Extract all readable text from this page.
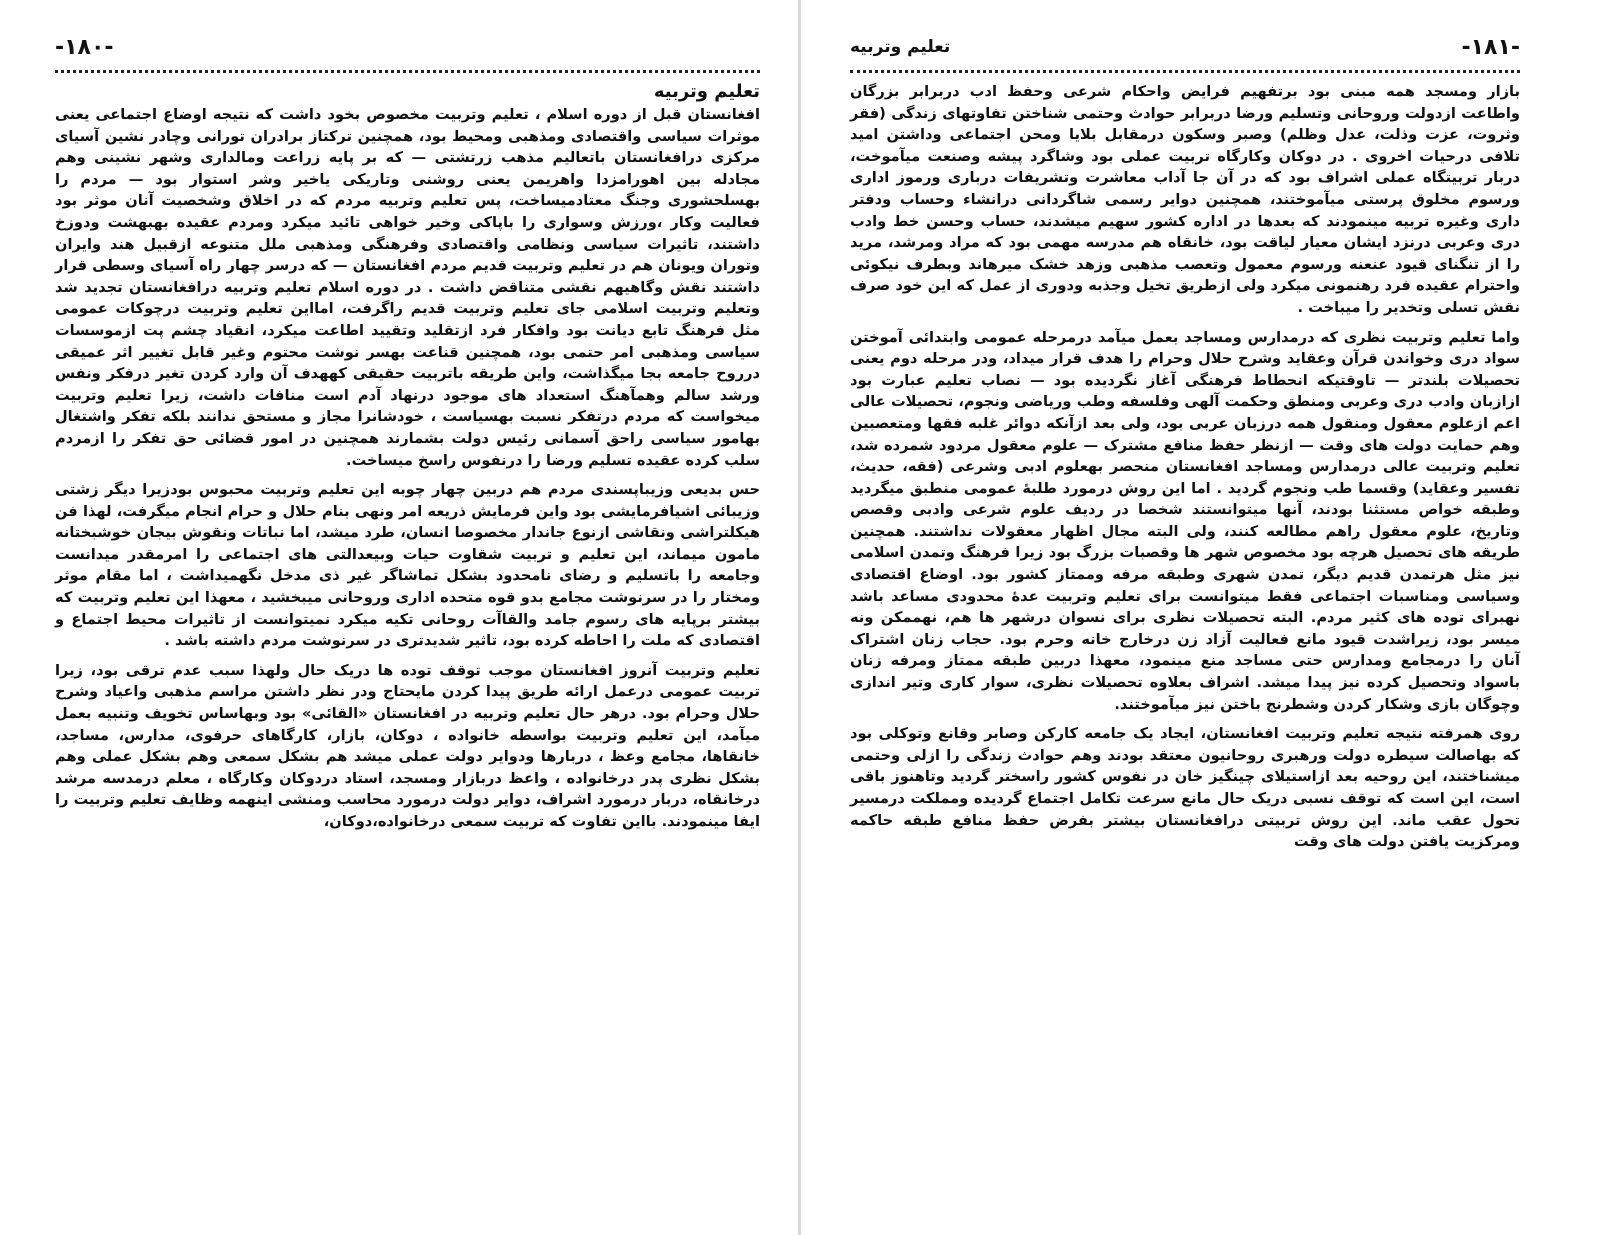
-۱۸۰-
تعلیم وتربیه

افغانستان قبل از دوره اسلام ، تعلیم وتربیت مخصوص بخود داشت که نتیجه اوضاع اجتماعی یعنی موثرات سیاسی واقتصادی ومذهبی ومحیط بود، همچنین ترکتاز برادران تورانی وچادر نشین آسیای مرکزی درافغانستان باتعالیم مذهب زرتشتی — که بر پایه زراعت ومالداری وشهر نشینی وهم مجادله بین اهورامزدا واهریمن یعنی روشنی وتاریکی یاخیر وشر استوار بود — مردم را بهسلحشوری وجنگ معتادمیساخت، پس تعلیم وتربیه مردم که در اخلاق وشخصیت آنان موثر بود فعالیت وکار ،ورزش وسواری را باپاکی وخیر خواهی تائید میکرد ومردم عقیده بهبهشت ودوزخ داشتند، تاثیرات سیاسی ونظامی واقتصادی وفرهنگی ومذهبی ملل متنوعه ازقبیل هند وایران وتوران ویونان هم در تعلیم وتربیت قدیم مردم افغانستان — که درسر چهار راه آسیای وسطی قرار داشتند نقش وگاهیهم نقشی متناقض داشت . در دوره اسلام تعلیم وتربیه درافغانستان تجدید شد وتعلیم وتربیت اسلامی جای تعلیم وتربیت قدیم راگرفت، امااین تعلیم وتربیت درچوکات عمومی مثل فرهنگ تابع دیانت بود وافکار فرد ازتقلید وتقیید اطاعت میکرد، انقیاد چشم پت ازموسسات سیاسی ومذهبی امر حتمی بود، همچنین قناعت بهسر نوشت محتوم وغیر قابل تغییر اثر عمیقی درروح جامعه بجا میگذاشت، واین طریقه باتربیت حقیقی کههدف آن وارد کردن تغیر درفکر ونفس ورشد سالم وهمآهنگ استعداد های موجود درنهاد آدم است منافات داشت، زیرا تعلیم وتربیت میخواست که مردم درتفکر نسبت بهسیاست ، خودشانرا مجاز و مستحق ندانند بلکه تفکر واشتغال بهامور سیاسی راحق آسمانی رئیس دولت بشمارند همچنین در امور قضائی حق تفکر را ازمردم سلب کرده عقیده تسلیم ورضا را درنفوس راسخ میساخت.

حس بدیعی وزیباپسندی مردم هم دربین چهار چوبه این تعلیم وتربیت محبوس بودزیرا دیگر زشتی وزیبائی اشیافرمایشی بود واین فرمایش ذریعه امر ونهی بنام حلال و حرام انجام میگرفت، لهذا فن هیکلتراشی ونقاشی ازنوع جاندار مخصوصا انسان، طرد میشد، اما نباتات ونقوش بیجان خوشبختانه مامون میماند، این تعلیم و تربیت شقاوت حیات وبیعدالتی های اجتماعی را امرمقدر میدانست وجامعه را باتسلیم و رضای نامحدود بشکل تماشاگر غیر ذی مدخل نگهمیداشت ، اما مقام موثر ومختار را در سرنوشت مجامع بدو قوه متحده اداری وروحانی میبخشید ، معهذا این تعلیم وتربیت که بیشتر برپایه های رسوم جامد والقاآت روحانی تکیه میکرد نمیتوانست از تاثیرات محیط اجتماع و اقتصادی که ملت را احاطه کرده بود، تاثیر شدیدتری در سرنوشت مردم داشته باشد .

تعلیم وتربیت آنروز افغانستان موجب توقف توده ها دریک حال ولهذا سبب عدم ترقی بود، زیرا تربیت عمومی درعمل ارائه طریق پیدا کردن مایحتاج ودر نظر داشتن مراسم مذهبی واعیاد وشرح حلال وحرام بود. درهر حال تعلیم وتربیه در افغانستان «القائی» بود وبهاساس تخویف وتنبیه بعمل میآمد، این تعلیم وتربیت بواسطه خانواده ، دوکان، بازار، کارگاهای حرفوی، مدارس، مساجد، خانقاها، مجامع وعظ ، دربارها ودوایر دولت عملی میشد هم بشکل سمعی وهم بشکل عملی وهم بشکل نظری پدر درخانواده ، واعظ دربازار ومسجد، استاد دردوکان وکارگاه ، معلم درمدسه مرشد درخانقاه، دربار درمورد اشراف، دوایر دولت درمورد محاسب ومنشی اینهمه وظایف تعلیم وتربیت را ایفا مینمودند. بااین تفاوت که تربیت سمعی درخانواده،دوکان،

-۱۸۱-
تعلیم وتربیه

بازار ومسجد همه مبنی بود برتفهیم فرایض واحکام شرعی وحفظ ادب دربرابر بزرگان واطاعت ازدولت وروحانی وتسلیم ورضا دربرابر حوادث وحتمی شناختن تفاوتهای زندگی (فقر وثروت، عزت وذلت، عدل وظلم) وصبر وسکون درمقابل بلایا ومحن اجتماعی وداشتن امید تلافی درحیات اخروی . در دوکان وکارگاه تربیت عملی بود وشاگرد پیشه وصنعت میآموخت، دربار تربیتگاه عملی اشراف بود که در آن جا آداب معاشرت وتشریفات درباری ورموز اداری ورسوم مخلوق پرستی میآموختند، همچنین دوایر رسمی شاگردانی درانشاء وحساب ودفتر داری وغیره تربیه مینمودند که بعدها در اداره کشور سهیم میشدند، حساب وحسن خط وادب دری وعربی درنزد ایشان معیار لیاقت بود، خانقاه هم مدرسه مهمی بود که مراد ومرشد، مرید را از تنگنای قیود عنعنه ورسوم معمول وتعصب مذهبی وزهد خشک میرهاند وبطرف نیکوئی واحترام عقیده فرد رهنمونی میکرد ولی ازطریق تخیل وجذبه ودوری از عمل که این خود صرف نقش تسلی وتخدیر را میباخت .

واما تعلیم وتربیت نظری که درمدارس ومساجد بعمل میآمد درمرحله عمومی وابتدائی آموختن سواد دری وخواندن قرآن وعقاید وشرح حلال وحرام را هدف قرار میداد، ودر مرحله دوم یعنی تحصیلات بلندتر — تاوقتیکه انحطاط فرهنگی آغاز نگردیده بود — نصاب تعلیم عبارت بود ازازبان وادب دری وعربی ومنطق وحکمت آلهی وفلسفه وطب وریاضی ونجوم، تحصیلات عالی اعم ازعلوم معقول ومنقول همه درزبان عربی بود، ولی بعد ازآنکه دوائر غلبه فقها ومتعصبین وهم حمایت دولت های وقت — ازنظر حفظ منافع مشترک — علوم معقول مردود شمرده شد، تعلیم وتربیت عالی درمدارس ومساجد افغانستان منحصر بهعلوم ادبی وشرعی (فقه، حدیث، تفسیر وعقاید) وقسما طب ونجوم گردید . اما این روش درمورد طلبهٔ عمومی منطبق میگردید وطبقه خواص مستثنا بودند، آنها میتوانستند شخصا در ردیف علوم شرعی وادبی وقصص وتاریخ، علوم معقول راهم مطالعه کنند، ولی البته مجال اظهار معقولات نداشتند. همچنین طریقه های تحصیل هرچه بود مخصوص شهر ها وقصبات بزرگ بود زیرا فرهنگ وتمدن اسلامی نیز مثل هرتمدن قدیم دیگر، تمدن شهری وطبقه مرفه وممتاز کشور بود. اوضاع اقتصادی وسیاسی ومناسبات اجتماعی فقط میتوانست برای تعلیم وتربیت عدهٔ محدودی مساعد باشد نهبرای توده های کثیر مردم. البته تحصیلات نظری برای نسوان درشهر ها هم، نهممکن ونه میسر بود، زیراشدت قیود مانع فعالیت آزاد زن درخارج خانه وحرم بود. حجاب زنان اشتراک آنان را درمجامع ومدارس حتی مساجد منع مینمود، معهذا دربین طبقه ممتاز ومرفه زنان باسواد وتحصیل کرده نیز پیدا میشد. اشراف بعلاوه تحصیلات نظری، سوار کاری وتیر اندازی وچوگان بازی وشکار کردن وشطرنج باختن نیز میآموختند.

روی همرفته نتیجه تعلیم وتربیت افغانستان، ایجاد یک جامعه کارکن وصابر وقانع وتوکلی بود که بهاصالت سیطره دولت ورهبری روحانیون معتقد بودند وهم حوادث زندگی را ازلی وحتمی میشناختند، این روحیه بعد ازاستیلای چینگیز خان در نفوس کشور راسختر گردید وتاهنوز باقی است، این است که توقف نسبی دریک حال مانع سرعت تکامل اجتماع گردیده ومملکت درمسیر تحول عقب ماند. این روش تربیتی درافغانستان بیشتر بفرض حفظ منافع طبقه حاکمه ومرکزیت یافتن دولت های وقت
